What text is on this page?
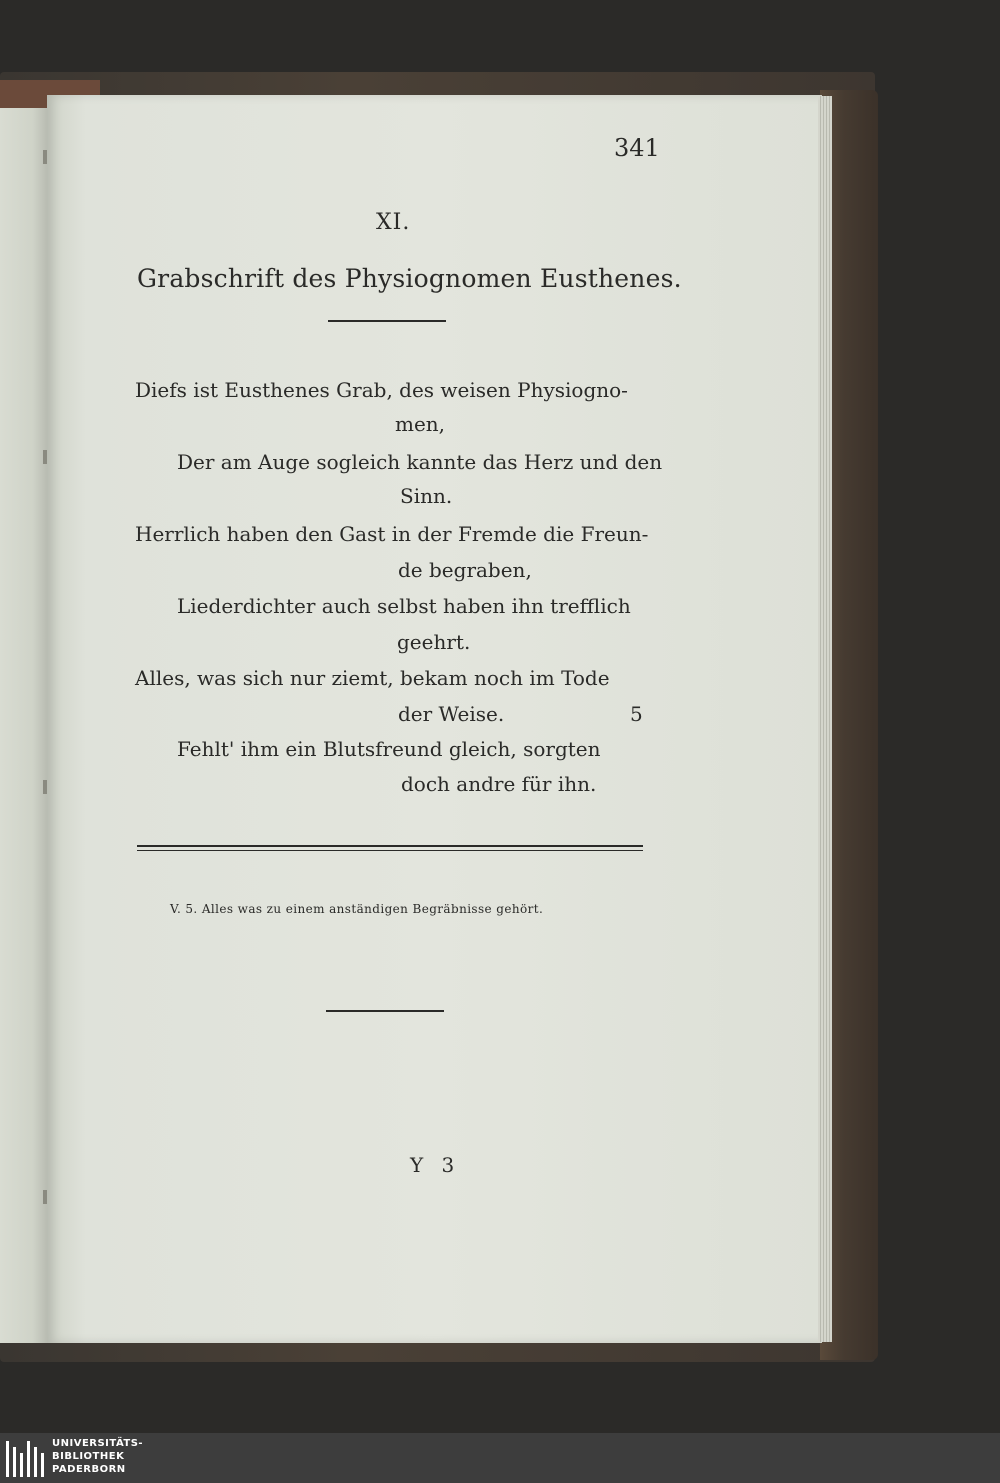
341
XI.
Grabschrift des Physiognomen Eusthenes.
Diefs ist Eusthenes Grab, des weisen Physiogno-
men,
Der am Auge sogleich kannte das Herz und den
Sinn.
Herrlich haben den Gast in der Fremde die Freun-
de begraben,
Liederdichter auch selbst haben ihn trefflich
geehrt.
Alles, was sich nur ziemt, bekam noch im Tode
der Weise.	5
Fehlt' ihm ein Blutsfreund gleich, sorgten
doch andre für ihn.
V. 5. Alles was zu einem anständigen Begräbnisse gehört.
Y 3
UNIVERSITÄTS-
BIBLIOTHEK
PADERBORN
